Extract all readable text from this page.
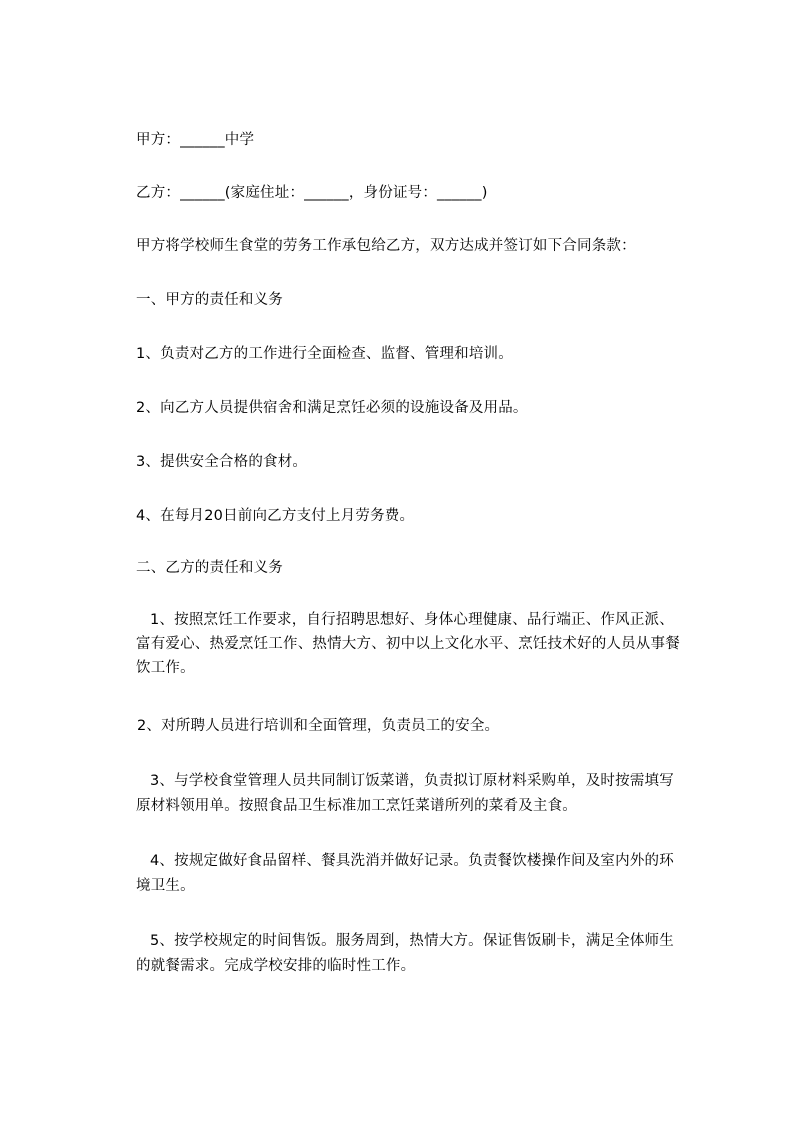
甲方：______中学
乙方：______(家庭住址：______，身份证号：______)
甲方将学校师生食堂的劳务工作承包给乙方，双方达成并签订如下合同条款：
一、甲方的责任和义务
1、负责对乙方的工作进行全面检查、监督、管理和培训。
2、向乙方人员提供宿舍和满足烹饪必须的设施设备及用品。
3、提供安全合格的食材。
4、在每月20日前向乙方支付上月劳务费。
二、乙方的责任和义务
1、按照烹饪工作要求，自行招聘思想好、身体心理健康、品行端正、作风正派、
富有爱心、热爱烹饪工作、热情大方、初中以上文化水平、烹饪技术好的人员从事餐
饮工作。
2、对所聘人员进行培训和全面管理，负责员工的安全。
3、与学校食堂管理人员共同制订饭菜谱，负责拟订原材料采购单，及时按需填写
原材料领用单。按照食品卫生标准加工烹饪菜谱所列的菜肴及主食。
4、按规定做好食品留样、餐具洗消并做好记录。负责餐饮楼操作间及室内外的环
境卫生。
5、按学校规定的时间售饭。服务周到，热情大方。保证售饭刷卡，满足全体师生
的就餐需求。完成学校安排的临时性工作。
